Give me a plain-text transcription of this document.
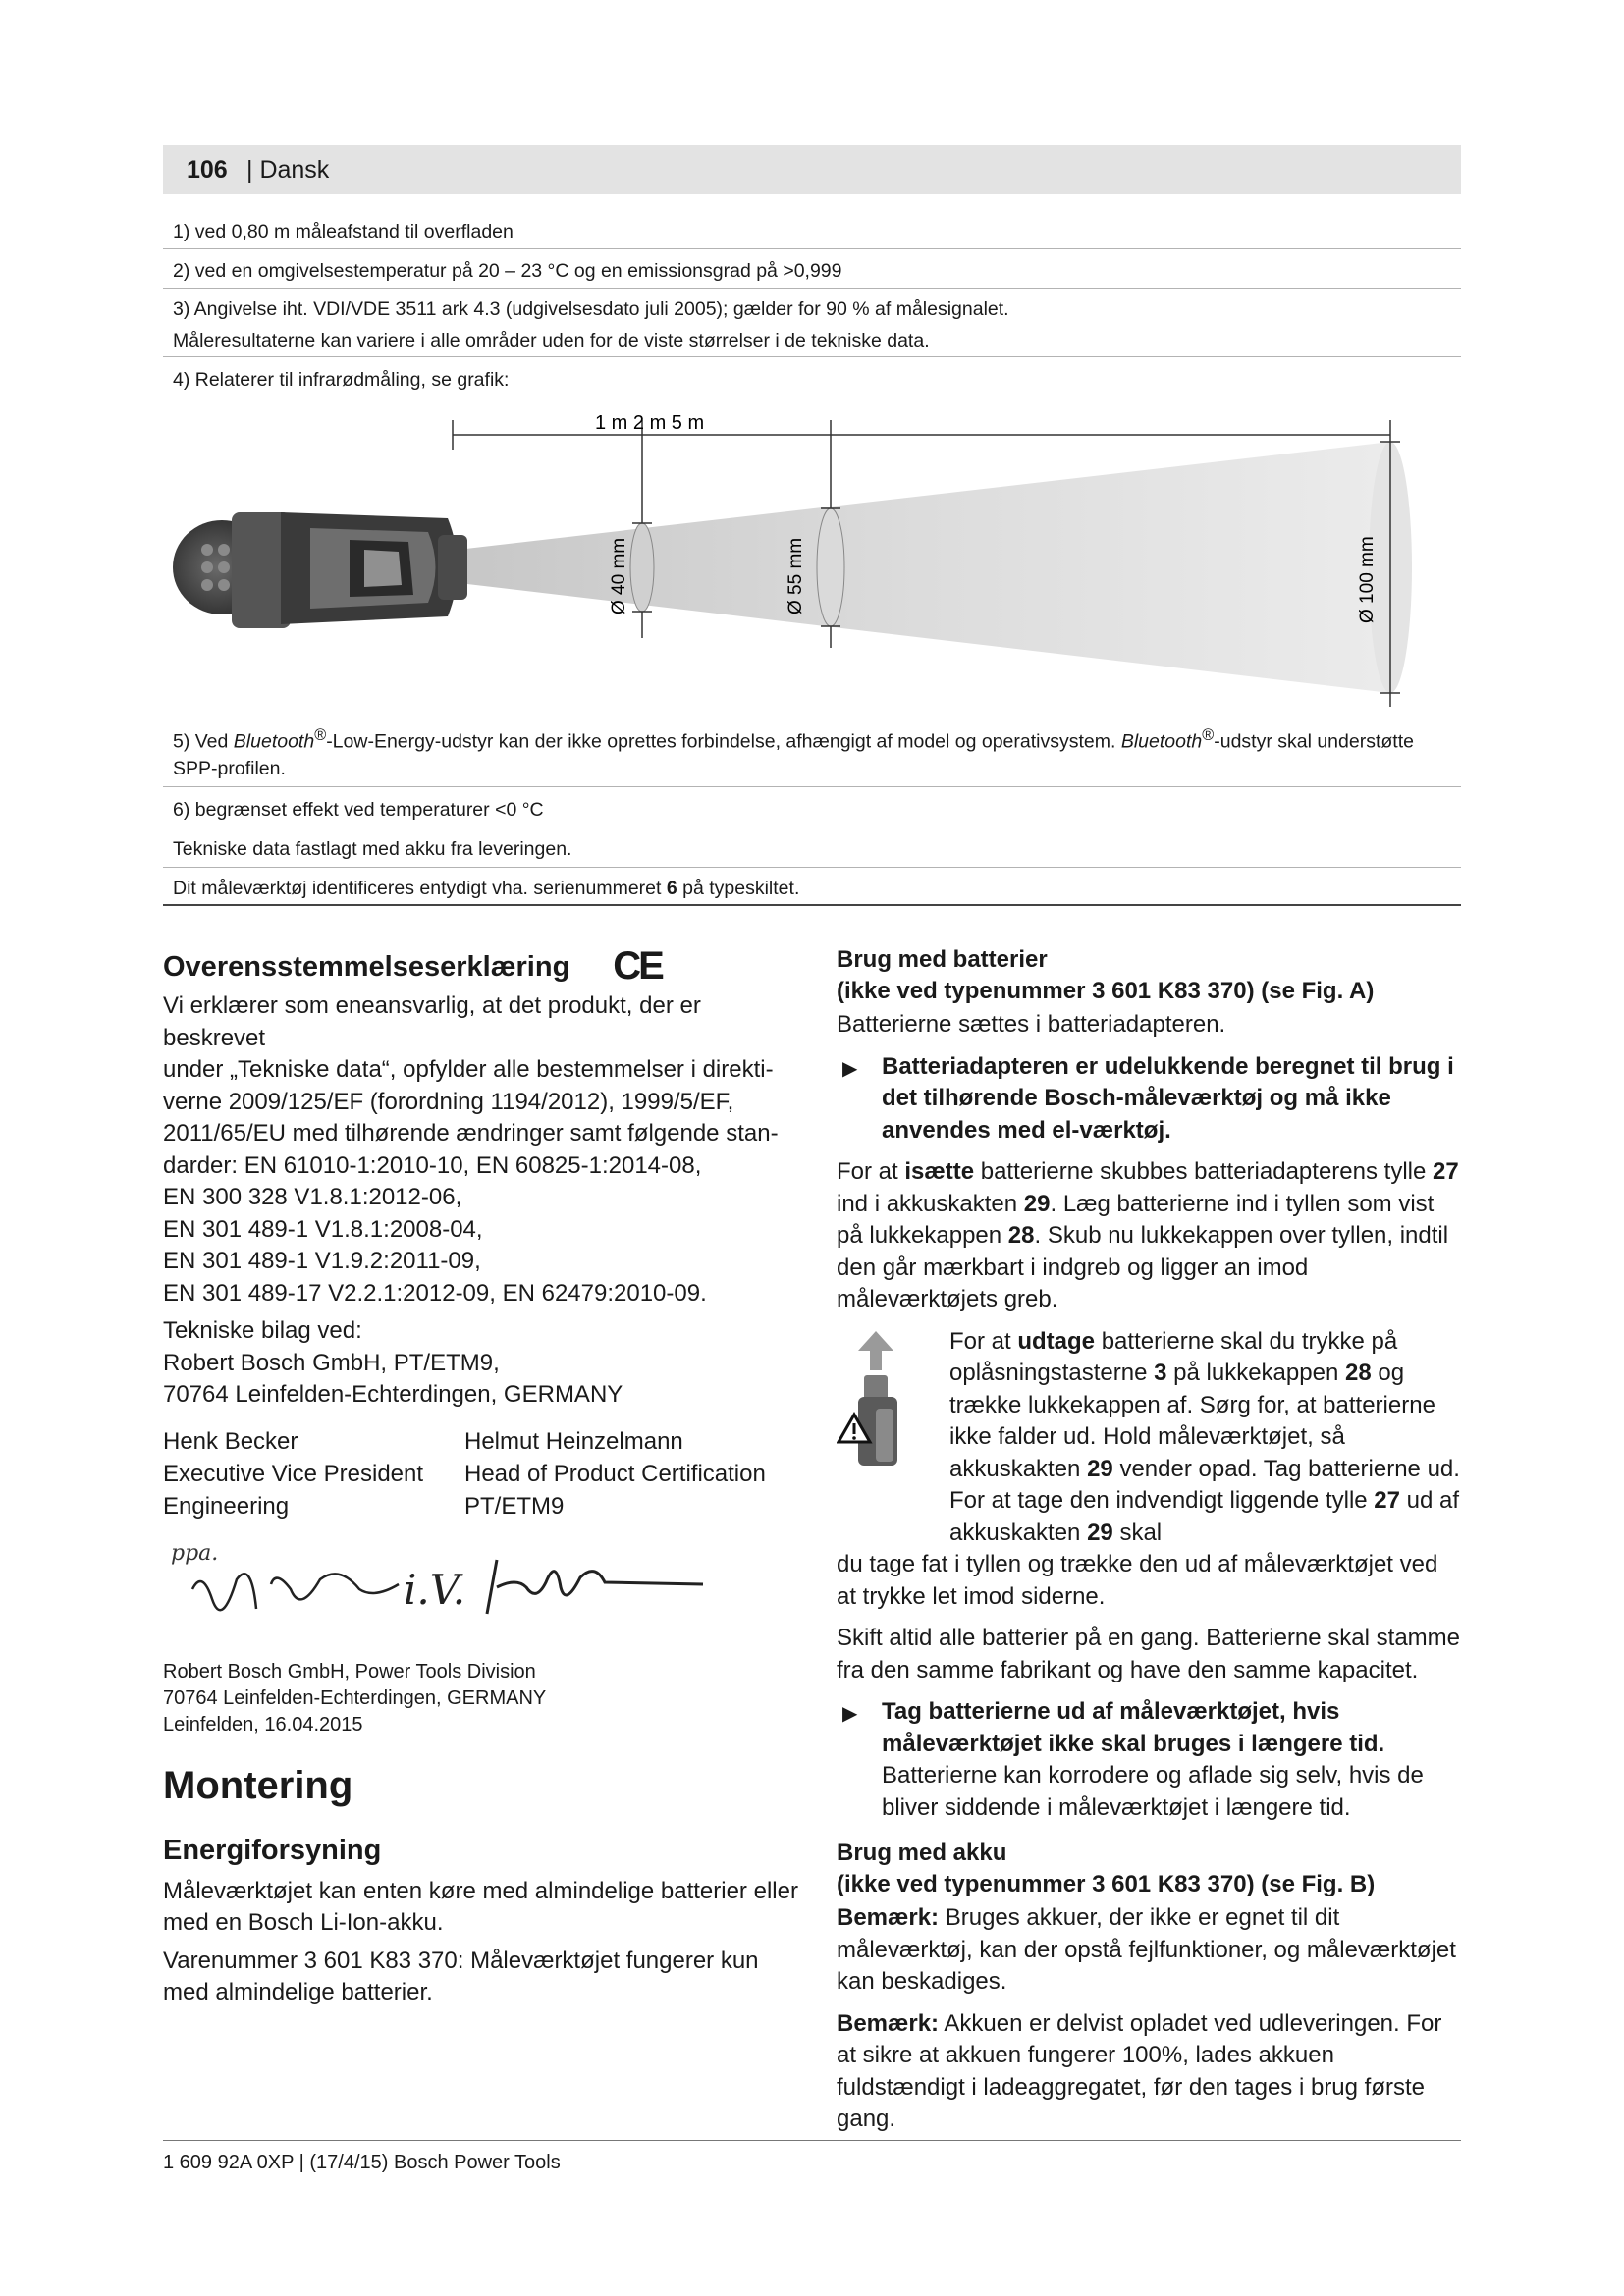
106 | Dansk
1) ved 0,80 m måleafstand til overfladen
2) ved en omgivelsestemperatur på 20 – 23 °C og en emissionsgrad på >0,999
3) Angivelse iht. VDI/VDE 3511 ark 4.3 (udgivelsesdato juli 2005); gælder for 90 % af målesignalet.
Måleresultaterne kan variere i alle områder uden for de viste størrelser i de tekniske data.
4) Relaterer til infrarødmåling, se grafik:
1 m 2 m 5 m
Ø 40 mm	Ø 55 mm	Ø 100 mm
5) Ved Bluetooth®-Low-Energy-udstyr kan der ikke oprettes forbindelse, afhængigt af model og operativsystem. Bluetooth®-udstyr skal understøtte
SPP-profilen.
6) begrænset effekt ved temperaturer <0 °C
Tekniske data fastlagt med akku fra leveringen.
Dit måleværktøj identificeres entydigt vha. serienummeret 6 på typeskiltet.
Overensstemmelseserklæring CE
Vi erklærer som eneansvarlig, at det produkt, der er beskrevet
under „Tekniske data“, opfylder alle bestemmelser i direkti-
verne 2009/125/EF (forordning 1194/2012), 1999/5/EF,
2011/65/EU med tilhørende ændringer samt følgende stan-
darder: EN 61010-1:2010-10, EN 60825-1:2014-08,
EN 300 328 V1.8.1:2012-06,
EN 301 489-1 V1.8.1:2008-04,
EN 301 489-1 V1.9.2:2011-09,
EN 301 489-17 V2.2.1:2012-09, EN 62479:2010-09.
Tekniske bilag ved:
Robert Bosch GmbH, PT/ETM9,
70764 Leinfelden-Echterdingen, GERMANY
Henk Becker	Helmut Heinzelmann
Executive Vice President	Head of Product Certification
Engineering	PT/ETM9
ppa.
i.V.
Robert Bosch GmbH, Power Tools Division
70764 Leinfelden-Echterdingen, GERMANY
Leinfelden, 16.04.2015
Montering
Energiforsyning
Måleværktøjet kan enten køre med almindelige batterier eller med en Bosch Li-Ion-akku.
Varenummer 3 601 K83 370: Måleværktøjet fungerer kun med almindelige batterier.
Brug med batterier
(ikke ved typenummer 3 601 K83 370) (se Fig. A)
Batterierne sættes i batteriadapteren.
▶ Batteriadapteren er udelukkende beregnet til brug i det tilhørende Bosch-måleværktøj og må ikke anvendes med el-værktøj.
For at isætte batterierne skubbes batteriadapterens tylle 27 ind i akkuskakten 29. Læg batterierne ind i tyllen som vist på lukkekappen 28. Skub nu lukkekappen over tyllen, indtil den går mærkbart i indgreb og ligger an imod måleværktøjets greb.
For at udtage batterierne skal du trykke på oplåsningstasterne 3 på lukkekappen 28 og trække lukkekappen af. Sørg for, at batterierne ikke falder ud. Hold måleværktøjet, så akkuskakten 29 vender opad. Tag batterierne ud. For at tage den indvendigt liggende tylle 27 ud af akkuskakten 29 skal
du tage fat i tyllen og trække den ud af måleværktøjet ved at trykke let imod siderne.
Skift altid alle batterier på en gang. Batterierne skal stamme fra den samme fabrikant og have den samme kapacitet.
▶ Tag batterierne ud af måleværktøjet, hvis måleværktøjet ikke skal bruges i længere tid. Batterierne kan korrodere og aflade sig selv, hvis de bliver siddende i måleværktøjet i længere tid.
Brug med akku
(ikke ved typenummer 3 601 K83 370) (se Fig. B)
Bemærk: Bruges akkuer, der ikke er egnet til dit måleværktøj, kan der opstå fejlfunktioner, og måleværktøjet kan beskadiges.
Bemærk: Akkuen er delvist opladet ved udleveringen. For at sikre at akkuen fungerer 100%, lades akkuen fuldstændigt i ladeaggregatet, før den tages i brug første gang.
1 609 92A 0XP | (17/4/15) Bosch Power Tools
